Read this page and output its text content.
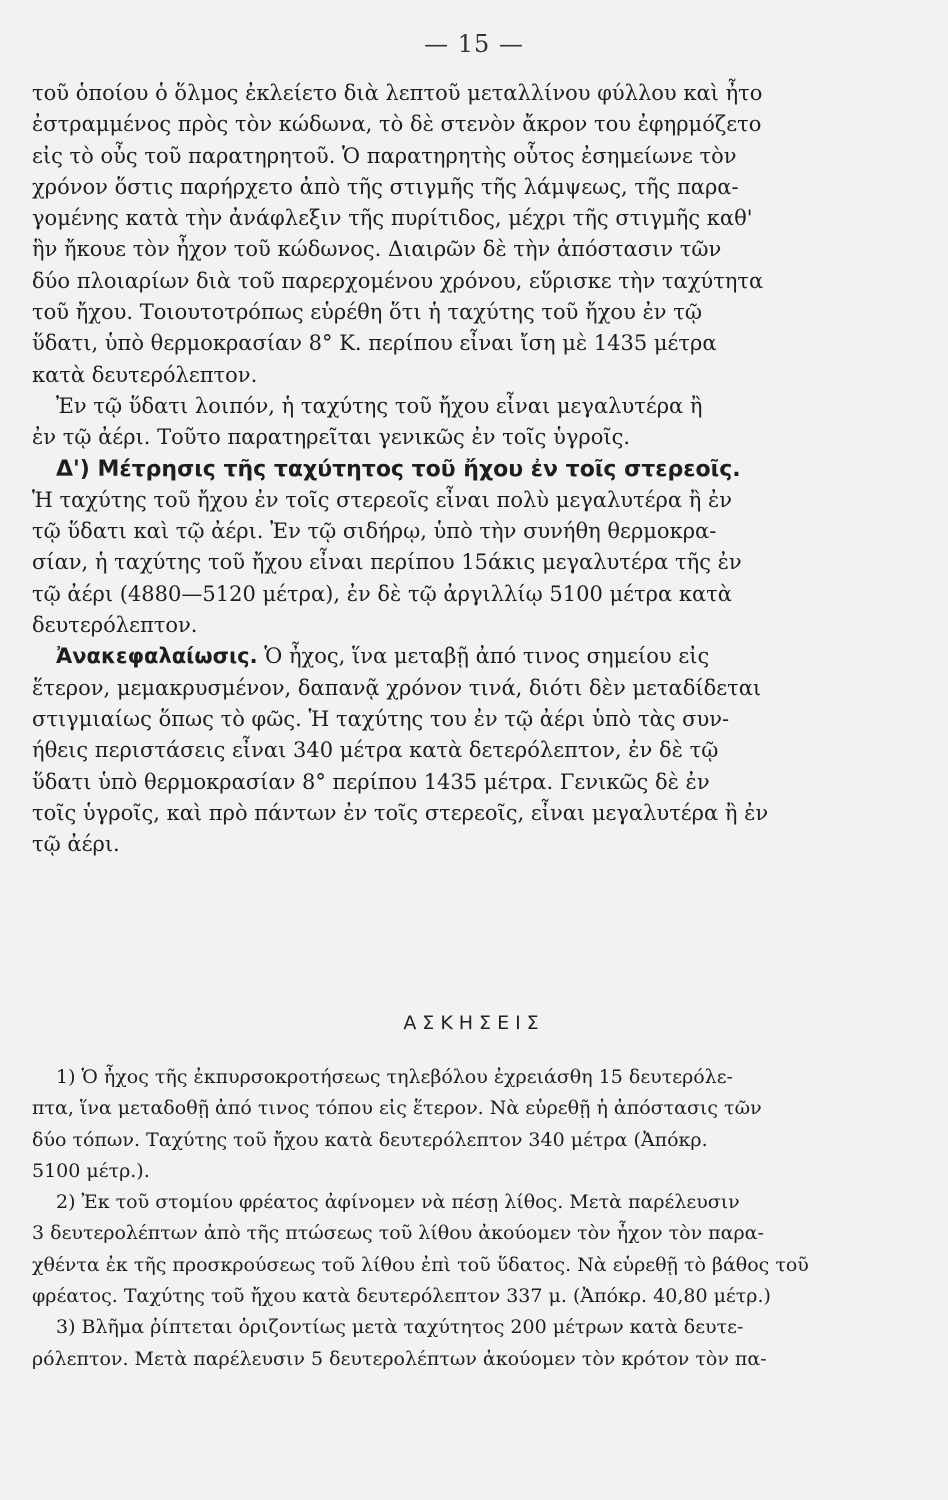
— 15 —
τοῦ ὁποίου ὁ ὅλμος ἐκλείετο διὰ λεπτοῦ μεταλλίνου φύλλου καὶ ἦτο
ἐστραμμένος πρὸς τὸν κώδωνα, τὸ δὲ στενὸν ἄκρον του ἐφηρμόζετο
εἰς τὸ οὖς τοῦ παρατηρητοῦ. Ὁ παρατηρητὴς οὗτος ἐσημείωνε τὸν
χρόνον ὅστις παρήρχετο ἀπὸ τῆς στιγμῆς τῆς λάμψεως, τῆς παρα-
γομένης κατὰ τὴν ἀνάφλεξιν τῆς πυρίτιδος, μέχρι τῆς στιγμῆς καθ'
ἣν ἤκουε τὸν ἦχον τοῦ κώδωνος. Διαιρῶν δὲ τὴν ἀπόστασιν τῶν
δύο πλοιαρίων διὰ τοῦ παρερχομένου χρόνου, εὕρισκε τὴν ταχύτητα
τοῦ ἤχου. Τοιουτοτρόπως εὑρέθη ὅτι ἡ ταχύτης τοῦ ἤχου ἐν τῷ
ὕδατι, ὑπὸ θερμοκρασίαν 8° Κ. περίπου εἶναι ἴση μὲ 1435 μέτρα
κατὰ δευτερόλεπτον.
Ἐν τῷ ὕδατι λοιπόν, ἡ ταχύτης τοῦ ἤχου εἶναι μεγαλυτέρα ἢ
ἐν τῷ ἀέρι. Τοῦτο παρατηρεῖται γενικῶς ἐν τοῖς ὑγροῖς.
Δ') Μέτρησις τῆς ταχύτητος τοῦ ἤχου ἐν τοῖς στερεοῖς.
Ἡ ταχύτης τοῦ ἤχου ἐν τοῖς στερεοῖς εἶναι πολὺ μεγαλυτέρα ἢ ἐν
τῷ ὕδατι καὶ τῷ ἀέρι. Ἐν τῷ σιδήρῳ, ὑπὸ τὴν συνήθη θερμοκρα-
σίαν, ἡ ταχύτης τοῦ ἤχου εἶναι περίπου 15άκις μεγαλυτέρα τῆς ἐν
τῷ ἀέρι (4880—5120 μέτρα), ἐν δὲ τῷ ἀργιλλίῳ 5100 μέτρα κατὰ
δευτερόλεπτον.
Ἀνακεφαλαίωσις. Ὁ ἦχος, ἵνα μεταβῇ ἀπό τινος σημείου εἰς
ἕτερον, μεμακρυσμένον, δαπανᾷ χρόνον τινά, διότι δὲν μεταδίδεται
στιγμιαίως ὅπως τὸ φῶς. Ἡ ταχύτης του ἐν τῷ ἀέρι ὑπὸ τὰς συν-
ήθεις περιστάσεις εἶναι 340 μέτρα κατὰ δετερόλεπτον, ἐν δὲ τῷ
ὕδατι ὑπὸ θερμοκρασίαν 8° περίπου 1435 μέτρα. Γενικῶς δὲ ἐν
τοῖς ὑγροῖς, καὶ πρὸ πάντων ἐν τοῖς στερεοῖς, εἶναι μεγαλυτέρα ἢ ἐν
τῷ ἀέρι.
ΑΣΚΗΣΕΙΣ
1) Ὁ ἦχος τῆς ἐκπυρσοκροτήσεως τηλεβόλου ἐχρειάσθη 15 δευτερόλε-
πτα, ἵνα μεταδοθῇ ἀπό τινος τόπου εἰς ἕτερον. Νὰ εὑρεθῇ ἡ ἀπόστασις τῶν
δύο τόπων. Ταχύτης τοῦ ἤχου κατὰ δευτερόλεπτον 340 μέτρα (Ἀπόκρ.
5100 μέτρ.).
2) Ἐκ τοῦ στομίου φρέατος ἀφίνομεν νὰ πέσῃ λίθος. Μετὰ παρέλευσιν
3 δευτερολέπτων ἀπὸ τῆς πτώσεως τοῦ λίθου ἀκούομεν τὸν ἦχον τὸν παρα-
χθέντα ἐκ τῆς προσκρούσεως τοῦ λίθου ἐπὶ τοῦ ὕδατος. Νὰ εὑρεθῇ τὸ βάθος τοῦ
φρέατος. Ταχύτης τοῦ ἤχου κατὰ δευτερόλεπτον 337 μ. (Ἀπόκρ. 40,80 μέτρ.)
3) Βλῆμα ῥίπτεται ὁριζοντίως μετὰ ταχύτητος 200 μέτρων κατὰ δευτε-
ρόλεπτον. Μετὰ παρέλευσιν 5 δευτερολέπτων ἀκούομεν τὸν κρότον τὸν πα-
